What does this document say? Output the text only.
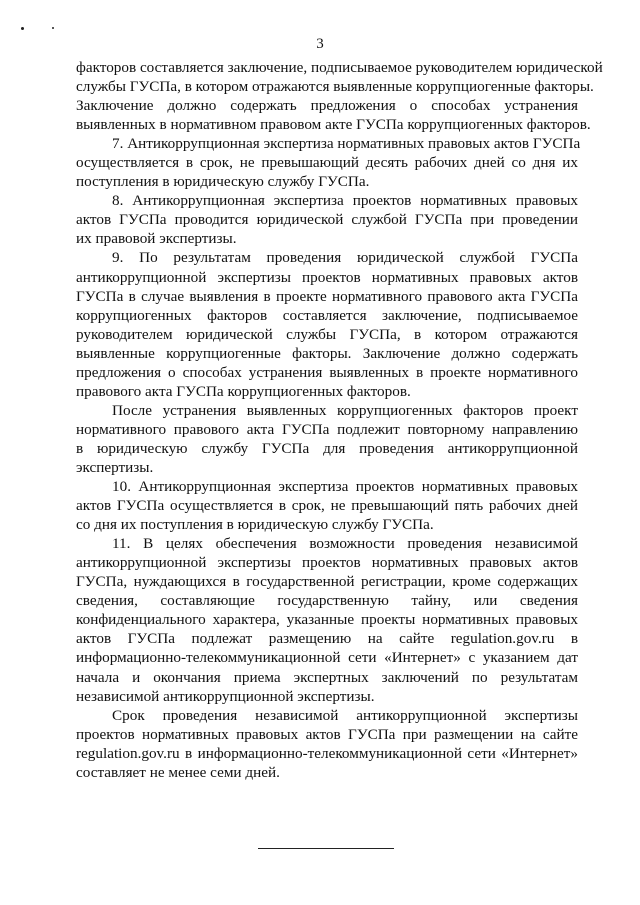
3
факторов составляется заключение, подписываемое руководителем юридической
службы ГУСПа, в котором отражаются выявленные коррупциогенные факторы.
Заключение должно содержать предложения о способах устранения
выявленных в нормативном правовом акте ГУСПа коррупциогенных факторов.
7. Антикоррупционная экспертиза нормативных правовых актов ГУСПа
осуществляется в срок, не превышающий десять рабочих дней со дня их
поступления в юридическую службу ГУСПа.
8. Антикоррупционная экспертиза проектов нормативных правовых
актов ГУСПа проводится юридической службой ГУСПа при проведении
их правовой экспертизы.
9. По результатам проведения юридической службой ГУСПа
антикоррупционной экспертизы проектов нормативных правовых актов
ГУСПа в случае выявления в проекте нормативного правового акта ГУСПа
коррупциогенных факторов составляется заключение, подписываемое
руководителем юридической службы ГУСПа, в котором отражаются
выявленные коррупциогенные факторы. Заключение должно содержать
предложения о способах устранения выявленных в проекте нормативного
правового акта ГУСПа коррупциогенных факторов.
После устранения выявленных коррупциогенных факторов проект
нормативного правового акта ГУСПа подлежит повторному направлению
в юридическую службу ГУСПа для проведения антикоррупционной
экспертизы.
10. Антикоррупционная экспертиза проектов нормативных правовых
актов ГУСПа осуществляется в срок, не превышающий пять рабочих дней
со дня их поступления в юридическую службу ГУСПа.
11. В целях обеспечения возможности проведения независимой
антикоррупционной экспертизы проектов нормативных правовых актов
ГУСПа, нуждающихся в государственной регистрации, кроме содержащих
сведения, составляющие государственную тайну, или сведения
конфиденциального характера, указанные проекты нормативных правовых
актов ГУСПа подлежат размещению на сайте regulation.gov.ru в
информационно-телекоммуникационной сети «Интернет» с указанием дат
начала и окончания приема экспертных заключений по результатам
независимой антикоррупционной экспертизы.
Срок проведения независимой антикоррупционной экспертизы
проектов нормативных правовых актов ГУСПа при размещении на сайте
regulation.gov.ru в информационно-телекоммуникационной сети «Интернет»
составляет не менее семи дней.
